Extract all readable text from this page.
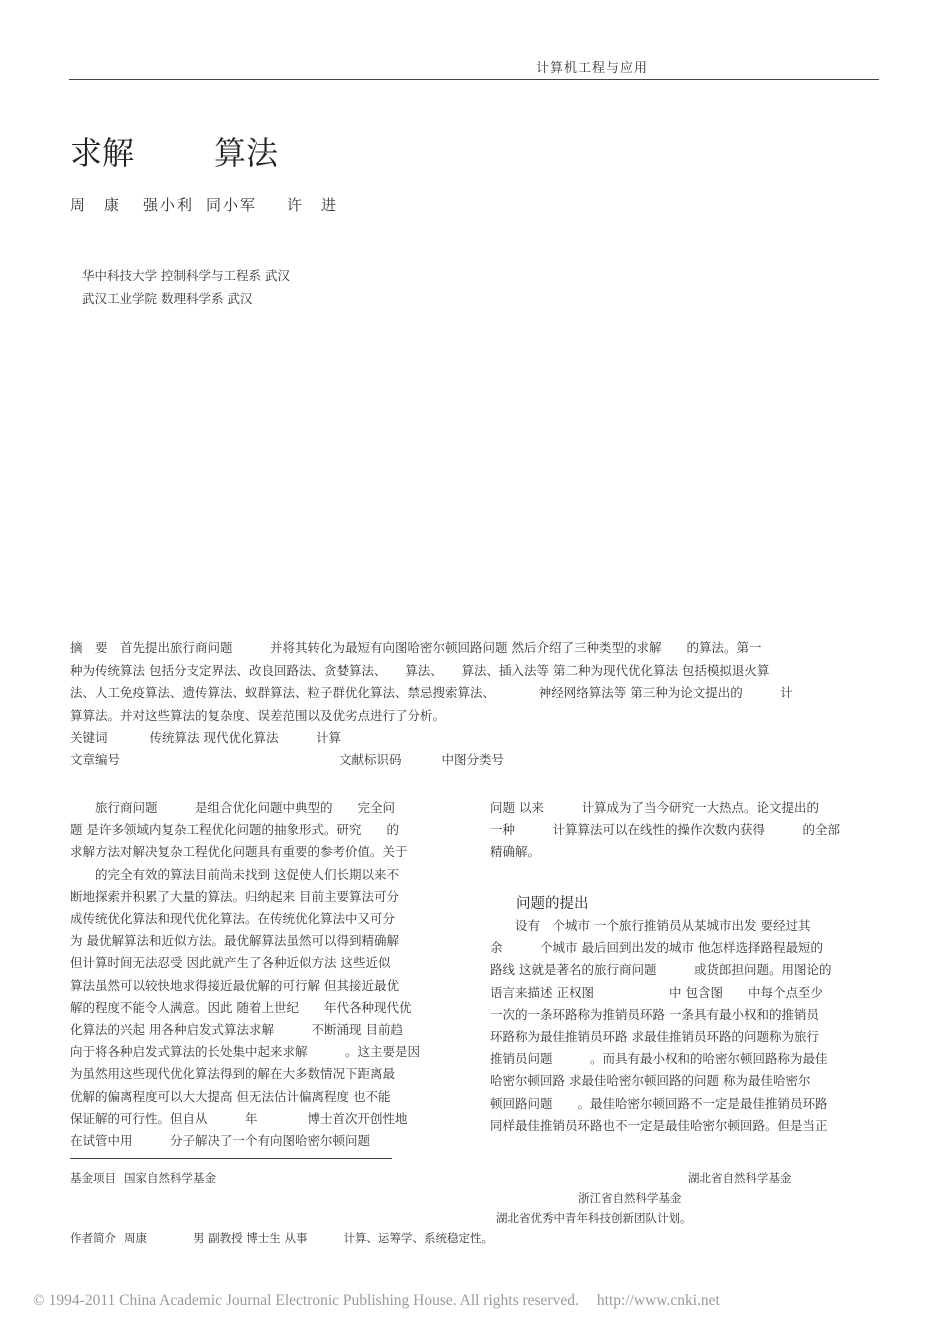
计算机工程与应用
求解	算法
周　康 强小利 同小军 许　进
华中科技大学 控制科学与工程系 武汉
武汉工业学院 数理科学系 武汉

摘　要　首先提出旅行商问题　　　并将其转化为最短有向图哈密尔顿回路问题 然后介绍了三种类型的求解　　的算法。第一

种为传统算法 包括分支定界法、改良回路法、贪婪算法、　　算法、　　算法、插入法等 第二种为现代优化算法 包括模拟退火算

法、人工免疫算法、遗传算法、蚁群算法、粒子群优化算法、禁忌搜索算法、　　　　神经网络算法等 第三种为论文提出的　　　计

算算法。并对这些算法的复杂度、误差范围以及优劣点进行了分析。

关键词	传统算法 现代优化算法　　　计算
文章编号	文献标识码	中图分类号

　　旅行商问题　　　是组合优化问题中典型的　　完全问

题 是许多领域内复杂工程优化问题的抽象形式。研究　　的

求解方法对解决复杂工程优化问题具有重要的参考价值。关于

　　的完全有效的算法目前尚未找到 这促使人们长期以来不

断地探索并积累了大量的算法。归纳起来 目前主要算法可分

成传统优化算法和现代优化算法。在传统优化算法中又可分

为 最优解算法和近似方法。最优解算法虽然可以得到精确解

但计算时间无法忍受 因此就产生了各种近似方法 这些近似

算法虽然可以较快地求得接近最优解的可行解 但其接近最优

解的程度不能令人满意。因此 随着上世纪　　年代各种现代优

化算法的兴起 用各种启发式算法求解　　　不断涌现 目前趋

向于将各种启发式算法的长处集中起来求解　　　。这主要是因

为虽然用这些现代优化算法得到的解在大多数情况下距离最

优解的偏离程度可以大大提高 但无法估计偏离程度 也不能

保证解的可行性。但自从　　　年　　　　博士首次开创性地

在试管中用　　　分子解决了一个有向图哈密尔顿问题

问题 以来　　　计算成为了当今研究一大热点。论文提出的

一种　　　计算算法可以在线性的操作次数内获得　　　的全部

精确解。

问题的提出

　　设有　个城市 一个旅行推销员从某城市出发 要经过其

余　　　个城市 最后回到出发的城市 他怎样选择路程最短的

路线 这就是著名的旅行商问题　　　或货郎担问题。用图论的

语言来描述 正权图　　　　　　中 包含图　　中每个点至少

一次的一条环路称为推销员环路 一条具有最小权和的推销员

环路称为最佳推销员环路 求最佳推销员环路的问题称为旅行

推销员问题　　　。而具有最小权和的哈密尔顿回路称为最佳

哈密尔顿回路 求最佳哈密尔顿回路的问题 称为最佳哈密尔

顿回路问题　　。最佳哈密尔顿回路不一定是最佳推销员环路

同样最佳推销员环路也不一定是最佳哈密尔顿回路。但是当正

基金项目 国家自然科学基金	湖北省自然科学基金
浙江省自然科学基金
湖北省优秀中青年科技创新团队计划。
作者简介 周康	男 副教授 博士生 从事	计算、运筹学、系统稳定性。
© 1994-2011 China Academic Journal Electronic Publishing House. All rights reserved. http://www.cnki.net
